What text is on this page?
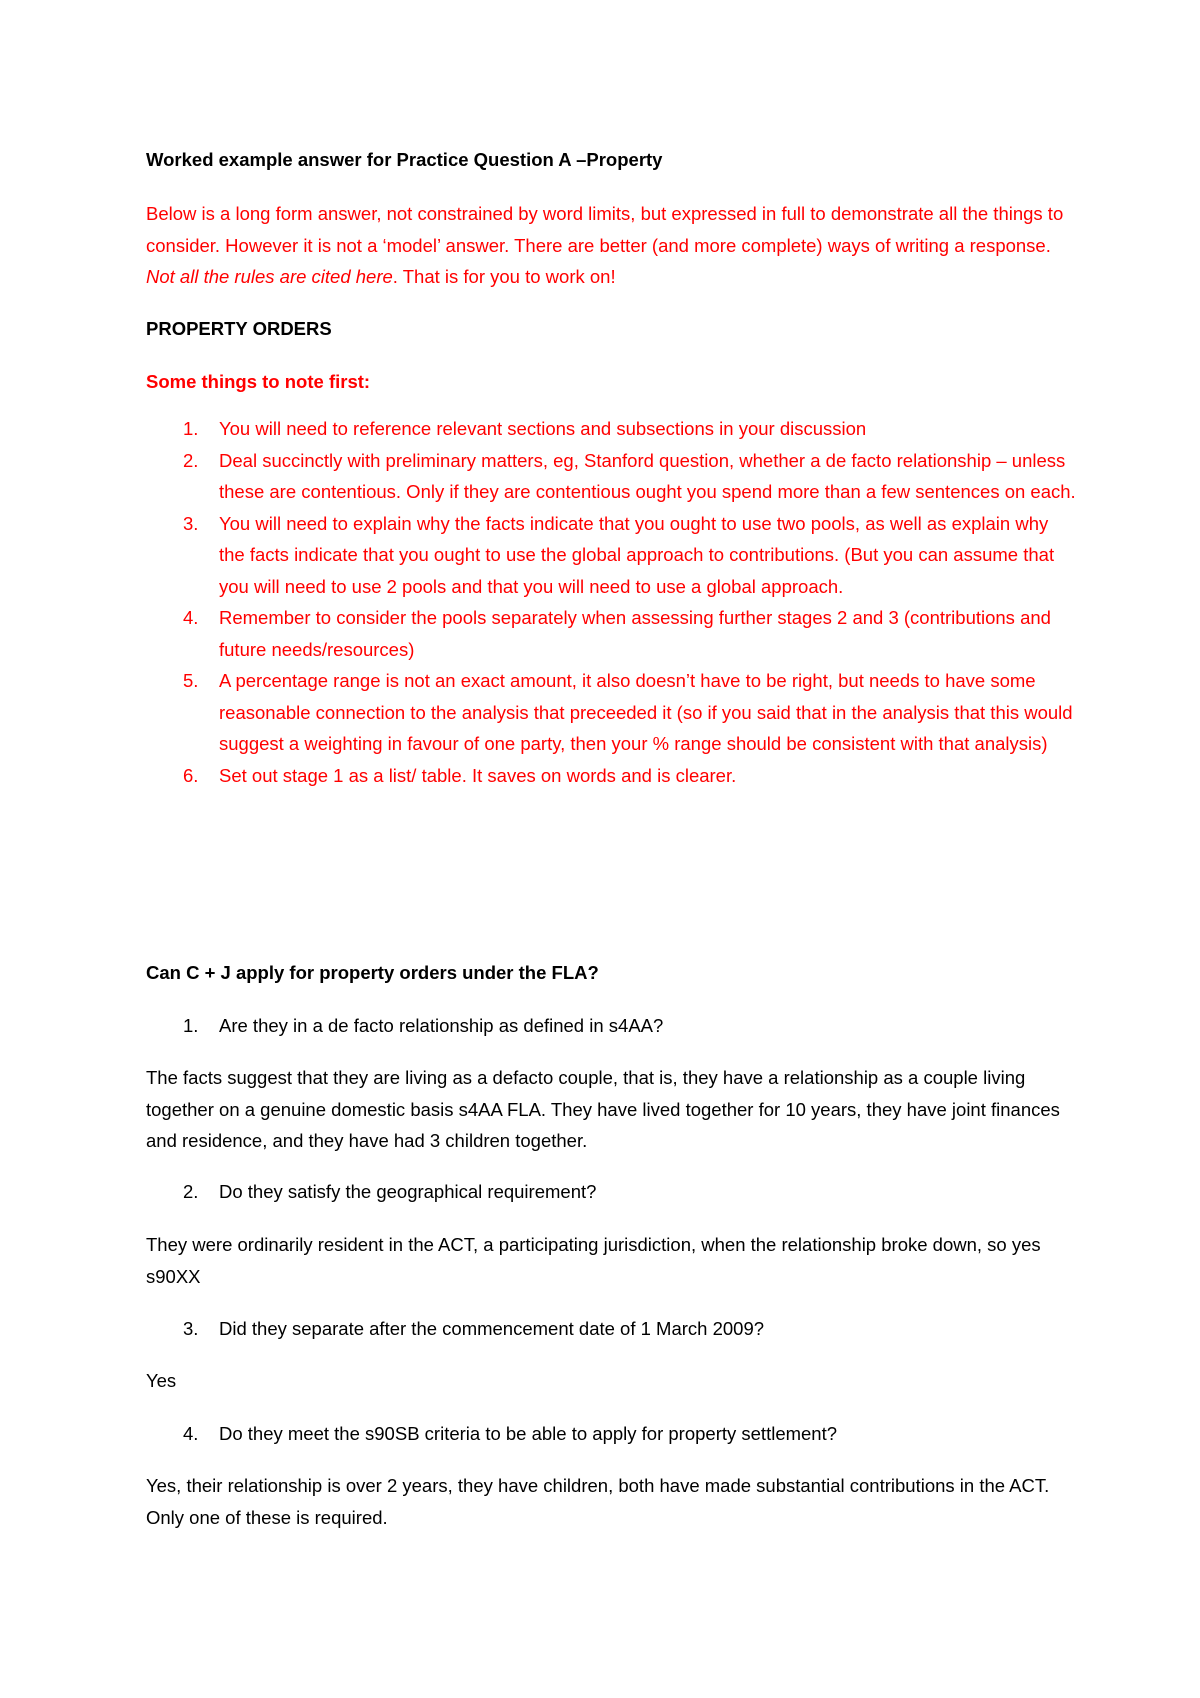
Worked example answer for Practice Question A –Property

Below is a long form answer, not constrained by word limits, but expressed in full to demonstrate all the things to consider. However it is not a ‘model’ answer. There are better (and more complete) ways of writing a response. Not all the rules are cited here. That is for you to work on!

PROPERTY ORDERS

Some things to note first:

1. You will need to reference relevant sections and subsections in your discussion
2. Deal succinctly with preliminary matters, eg, Stanford question, whether a de facto relationship – unless these are contentious. Only if they are contentious ought you spend more than a few sentences on each.
3. You will need to explain why the facts indicate that you ought to use two pools, as well as explain why the facts indicate that you ought to use the global approach to contributions. (But you can assume that you will need to use 2 pools and that you will need to use a global approach.
4. Remember to consider the pools separately when assessing further stages 2 and 3 (contributions and future needs/resources)
5. A percentage range is not an exact amount, it also doesn’t have to be right, but needs to have some reasonable connection to the analysis that preceeded it (so if you said that in the analysis that this would suggest a weighting in favour of one party, then your % range should be consistent with that analysis)
6. Set out stage 1 as a list/ table. It saves on words and is clearer.

Can C + J apply for property orders under the FLA?

1. Are they in a de facto relationship as defined in s4AA?

The facts suggest that they are living as a defacto couple, that is, they have a relationship as a couple living together on a genuine domestic basis s4AA FLA. They have lived together for 10 years, they have joint finances and residence, and they have had 3 children together.

2. Do they satisfy the geographical requirement?

They were ordinarily resident in the ACT, a participating jurisdiction, when the relationship broke down, so yes s90XX

3. Did they separate after the commencement date of 1 March 2009?

Yes

4. Do they meet the s90SB criteria to be able to apply for property settlement?

Yes, their relationship is over 2 years, they have children, both have made substantial contributions in the ACT. Only one of these is required.
